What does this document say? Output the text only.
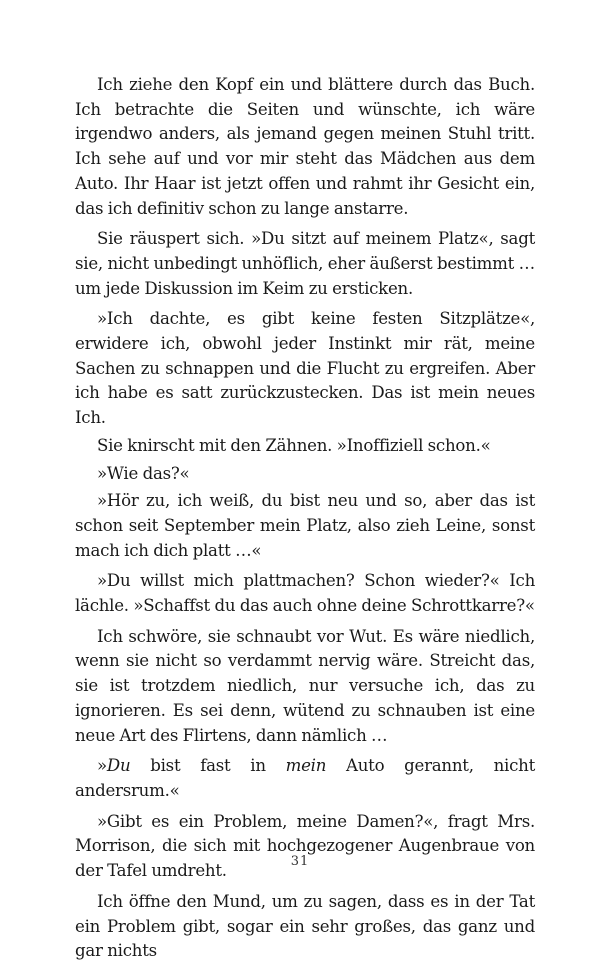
Ich ziehe den Kopf ein und blättere durch das Buch. Ich betrachte die Seiten und wünschte, ich wäre irgendwo anders, als jemand gegen meinen Stuhl tritt. Ich sehe auf und vor mir steht das Mädchen aus dem Auto. Ihr Haar ist jetzt offen und rahmt ihr Gesicht ein, das ich definitiv schon zu lange anstarre.

Sie räuspert sich. »Du sitzt auf meinem Platz«, sagt sie, nicht unbedingt unhöflich, eher äußerst bestimmt … um jede Diskussion im Keim zu ersticken.

»Ich dachte, es gibt keine festen Sitzplätze«, erwidere ich, obwohl jeder Instinkt mir rät, meine Sachen zu schnappen und die Flucht zu ergreifen. Aber ich habe es satt zurückzustecken. Das ist mein neues Ich.

Sie knirscht mit den Zähnen. »Inoffiziell schon.«

»Wie das?«

»Hör zu, ich weiß, du bist neu und so, aber das ist schon seit September mein Platz, also zieh Leine, sonst mach ich dich platt …«

»Du willst mich plattmachen? Schon wieder?« Ich lächle. »Schaffst du das auch ohne deine Schrottkarre?«

Ich schwöre, sie schnaubt vor Wut. Es wäre niedlich, wenn sie nicht so verdammt nervig wäre. Streicht das, sie ist trotzdem niedlich, nur versuche ich, das zu ignorieren. Es sei denn, wütend zu schnauben ist eine neue Art des Flirtens, dann nämlich …

»Du bist fast in mein Auto gerannt, nicht andersrum.«

»Gibt es ein Problem, meine Damen?«, fragt Mrs. Morrison, die sich mit hochgezogener Augenbraue von der Tafel umdreht.

Ich öffne den Mund, um zu sagen, dass es in der Tat ein Problem gibt, sogar ein sehr großes, das ganz und gar nichts

31
